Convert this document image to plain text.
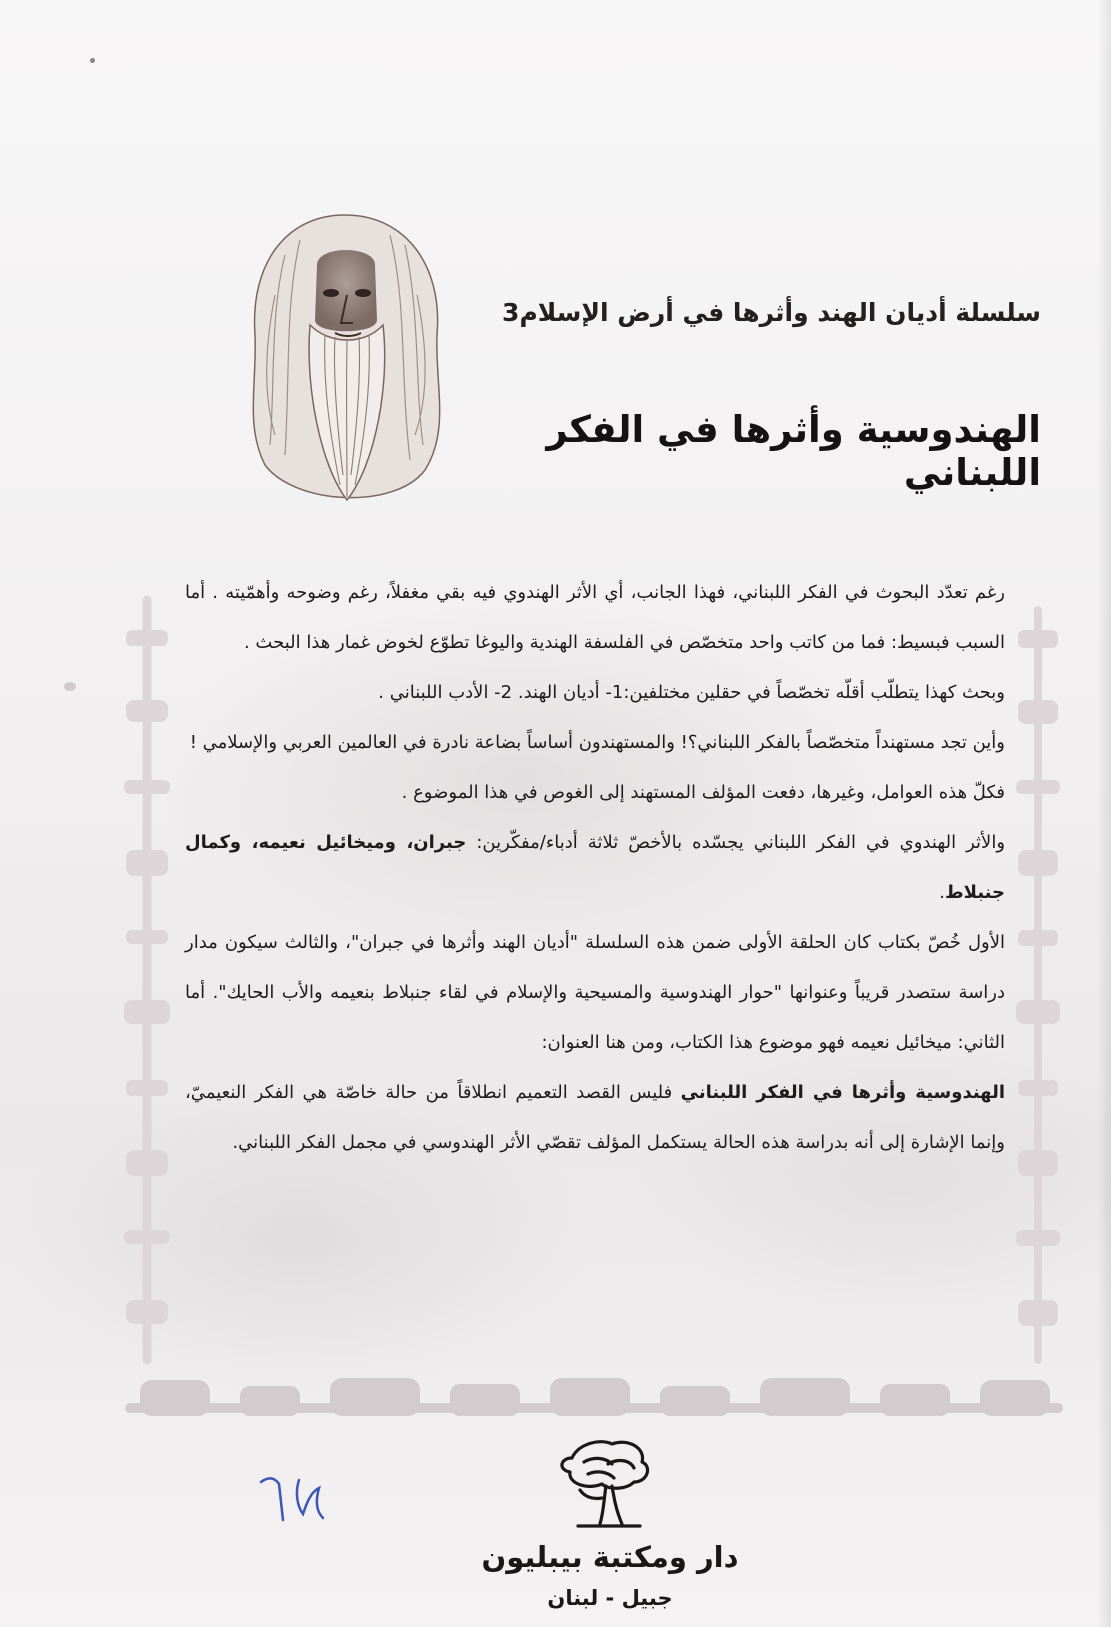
سلسلة أديان الهند وأثرها في أرض الإسلام3
الهندوسية وأثرها في الفكر اللبناني

رغم تعدّد البحوث في الفكر اللبناني، فهذا الجانب، أي الأثر الهندوي فيه بقي مغفلاً، رغم وضوحه وأهمّيته . أما السبب فبسيط: فما من كاتب واحد متخصّص في الفلسفة الهندية واليوغا تطوّع لخوض غمار هذا البحث .

وبحث كهذا يتطلّب أقلّه تخصّصاً في حقلين مختلفين:1- أديان الهند. 2- الأدب اللبناني .

وأين تجد مستهنداً متخصّصاً بالفكر اللبناني؟! والمستهندون أساساً بضاعة نادرة في العالمين العربي والإسلامي !

فكلّ هذه العوامل، وغيرها، دفعت المؤلف المستهند إلى الغوص في هذا الموضوع .

والأثر الهندوي في الفكر اللبناني يجسّده بالأخصّ ثلاثة أدباء/مفكّرين: جبران، وميخائيل نعيمه، وكمال جنبلاط.

الأول خُصّ بكتاب كان الحلقة الأولى ضمن هذه السلسلة "أديان الهند وأثرها في جبران"، والثالث سيكون مدار دراسة ستصدر قريباً وعنوانها "حوار الهندوسية والمسيحية والإسلام في لقاء جنبلاط بنعيمه والأب الحايك". أما الثاني: ميخائيل نعيمه فهو موضوع هذا الكتاب، ومن هنا العنوان:

الهندوسية وأثرها في الفكر اللبناني فليس القصد التعميم انطلاقاً من حالة خاصّة هي الفكر النعيميّ، وإنما الإشارة إلى أنه بدراسة هذه الحالة يستكمل المؤلف تقصّي الأثر الهندوسي في مجمل الفكر اللبناني.

دار ومكتبة بيبليون
جبيل - لبنان
